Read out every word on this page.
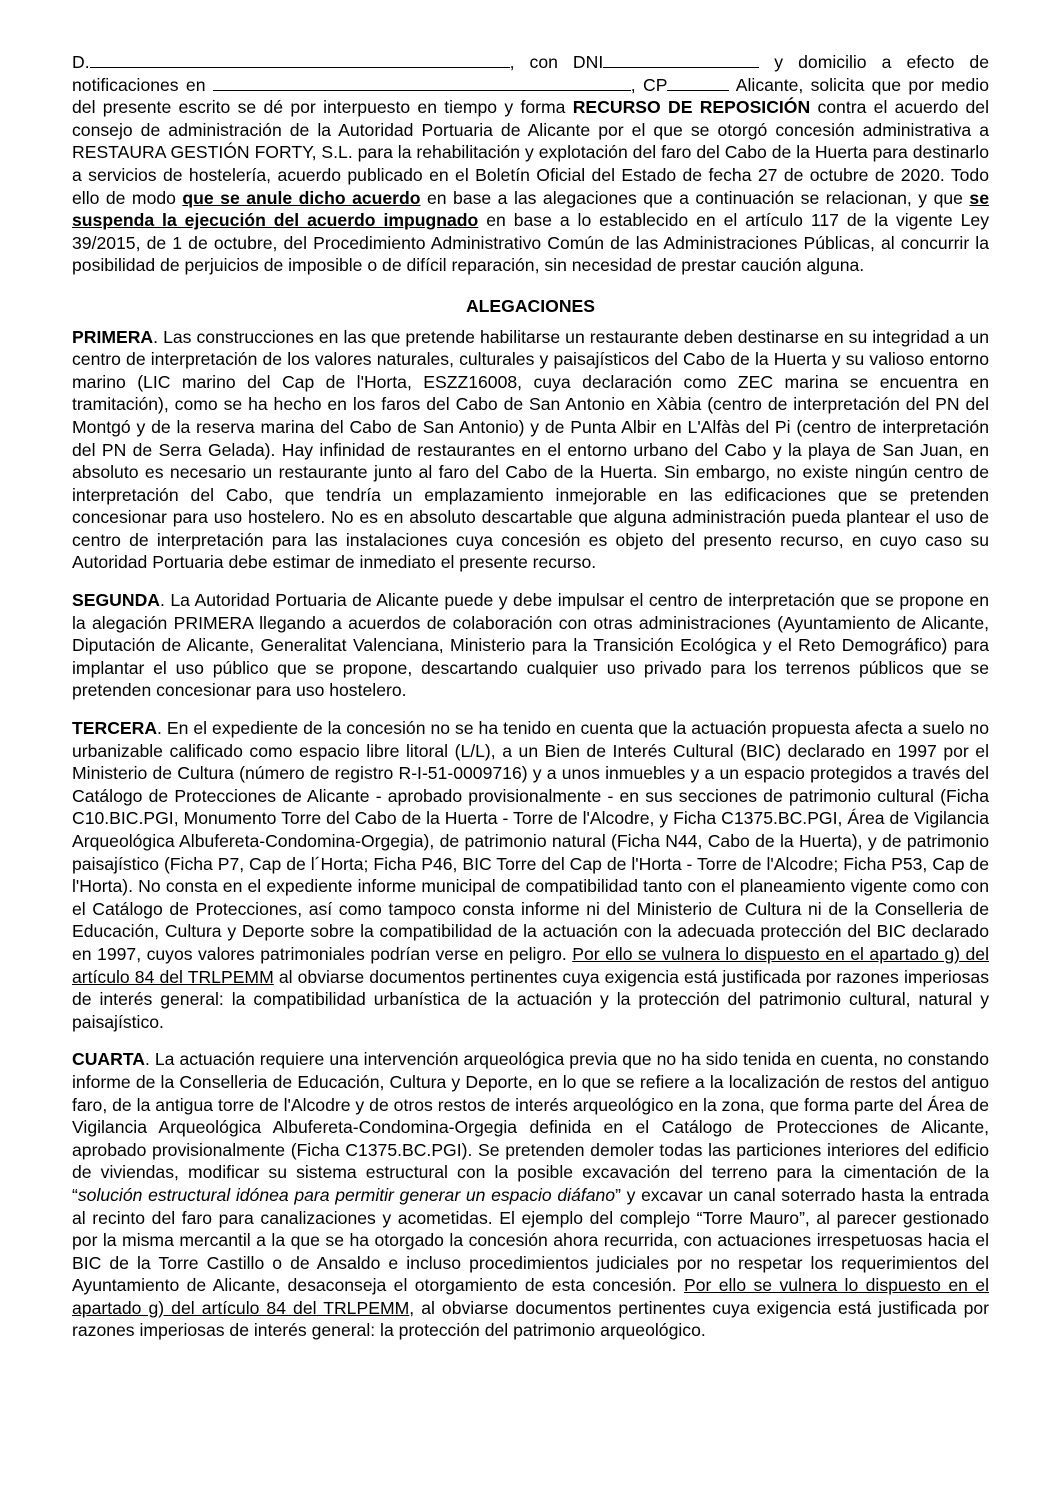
D.	, con DNI	y domicilio a efecto de notificaciones en	, CP	Alicante, solicita que por medio del presente escrito se dé por interpuesto en tiempo y forma RECURSO DE REPOSICIÓN contra el acuerdo del consejo de administración de la Autoridad Portuaria de Alicante por el que se otorgó concesión administrativa a RESTAURA GESTIÓN FORTY, S.L. para la rehabilitación y explotación del faro del Cabo de la Huerta para destinarlo a servicios de hostelería, acuerdo publicado en el Boletín Oficial del Estado de fecha 27 de octubre de 2020. Todo ello de modo que se anule dicho acuerdo en base a las alegaciones que a continuación se relacionan, y que se suspenda la ejecución del acuerdo impugnado en base a lo establecido en el artículo 117 de la vigente Ley 39/2015, de 1 de octubre, del Procedimiento Administrativo Común de las Administraciones Públicas, al concurrir la posibilidad de perjuicios de imposible o de difícil reparación, sin necesidad de prestar caución alguna.

ALEGACIONES

PRIMERA. Las construcciones en las que pretende habilitarse un restaurante deben destinarse en su integridad a un centro de interpretación de los valores naturales, culturales y paisajísticos del Cabo de la Huerta y su valioso entorno marino (LIC marino del Cap de l'Horta, ESZZ16008, cuya declaración como ZEC marina se encuentra en tramitación), como se ha hecho en los faros del Cabo de San Antonio en Xàbia (centro de interpretación del PN del Montgó y de la reserva marina del Cabo de San Antonio) y de Punta Albir en L'Alfàs del Pi (centro de interpretación del PN de Serra Gelada). Hay infinidad de restaurantes en el entorno urbano del Cabo y la playa de San Juan, en absoluto es necesario un restaurante junto al faro del Cabo de la Huerta. Sin embargo, no existe ningún centro de interpretación del Cabo, que tendría un emplazamiento inmejorable en las edificaciones que se pretenden concesionar para uso hostelero. No es en absoluto descartable que alguna administración pueda plantear el uso de centro de interpretación para las instalaciones cuya concesión es objeto del presento recurso, en cuyo caso su Autoridad Portuaria debe estimar de inmediato el presente recurso.

SEGUNDA. La Autoridad Portuaria de Alicante puede y debe impulsar el centro de interpretación que se propone en la alegación PRIMERA llegando a acuerdos de colaboración con otras administraciones (Ayuntamiento de Alicante, Diputación de Alicante, Generalitat Valenciana, Ministerio para la Transición Ecológica y el Reto Demográfico) para implantar el uso público que se propone, descartando cualquier uso privado para los terrenos públicos que se pretenden concesionar para uso hostelero.

TERCERA. En el expediente de la concesión no se ha tenido en cuenta que la actuación propuesta afecta a suelo no urbanizable calificado como espacio libre litoral (L/L), a un Bien de Interés Cultural (BIC) declarado en 1997 por el Ministerio de Cultura (número de registro R-I-51-0009716) y a unos inmuebles y a un espacio protegidos a través del Catálogo de Protecciones de Alicante - aprobado provisionalmente - en sus secciones de patrimonio cultural (Ficha C10.BIC.PGI, Monumento Torre del Cabo de la Huerta - Torre de l'Alcodre, y Ficha C1375.BC.PGI, Área de Vigilancia Arqueológica Albufereta-Condomina-Orgegia), de patrimonio natural (Ficha N44, Cabo de la Huerta), y de patrimonio paisajístico (Ficha P7, Cap de l´Horta; Ficha P46, BIC Torre del Cap de l'Horta - Torre de l'Alcodre; Ficha P53, Cap de l'Horta). No consta en el expediente informe municipal de compatibilidad tanto con el planeamiento vigente como con el Catálogo de Protecciones, así como tampoco consta informe ni del Ministerio de Cultura ni de la Conselleria de Educación, Cultura y Deporte sobre la compatibilidad de la actuación con la adecuada protección del BIC declarado en 1997, cuyos valores patrimoniales podrían verse en peligro. Por ello se vulnera lo dispuesto en el apartado g) del artículo 84 del TRLPEMM al obviarse documentos pertinentes cuya exigencia está justificada por razones imperiosas de interés general: la compatibilidad urbanística de la actuación y la protección del patrimonio cultural, natural y paisajístico.

CUARTA. La actuación requiere una intervención arqueológica previa que no ha sido tenida en cuenta, no constando informe de la Conselleria de Educación, Cultura y Deporte, en lo que se refiere a la localización de restos del antiguo faro, de la antigua torre de l'Alcodre y de otros restos de interés arqueológico en la zona, que forma parte del Área de Vigilancia Arqueológica Albufereta-Condomina-Orgegia definida en el Catálogo de Protecciones de Alicante, aprobado provisionalmente (Ficha C1375.BC.PGI). Se pretenden demoler todas las particiones interiores del edificio de viviendas, modificar su sistema estructural con la posible excavación del terreno para la cimentación de la “solución estructural idónea para permitir generar un espacio diáfano” y excavar un canal soterrado hasta la entrada al recinto del faro para canalizaciones y acometidas. El ejemplo del complejo “Torre Mauro”, al parecer gestionado por la misma mercantil a la que se ha otorgado la concesión ahora recurrida, con actuaciones irrespetuosas hacia el BIC de la Torre Castillo o de Ansaldo e incluso procedimientos judiciales por no respetar los requerimientos del Ayuntamiento de Alicante, desaconseja el otorgamiento de esta concesión. Por ello se vulnera lo dispuesto en el apartado g) del artículo 84 del TRLPEMM, al obviarse documentos pertinentes cuya exigencia está justificada por razones imperiosas de interés general: la protección del patrimonio arqueológico.
